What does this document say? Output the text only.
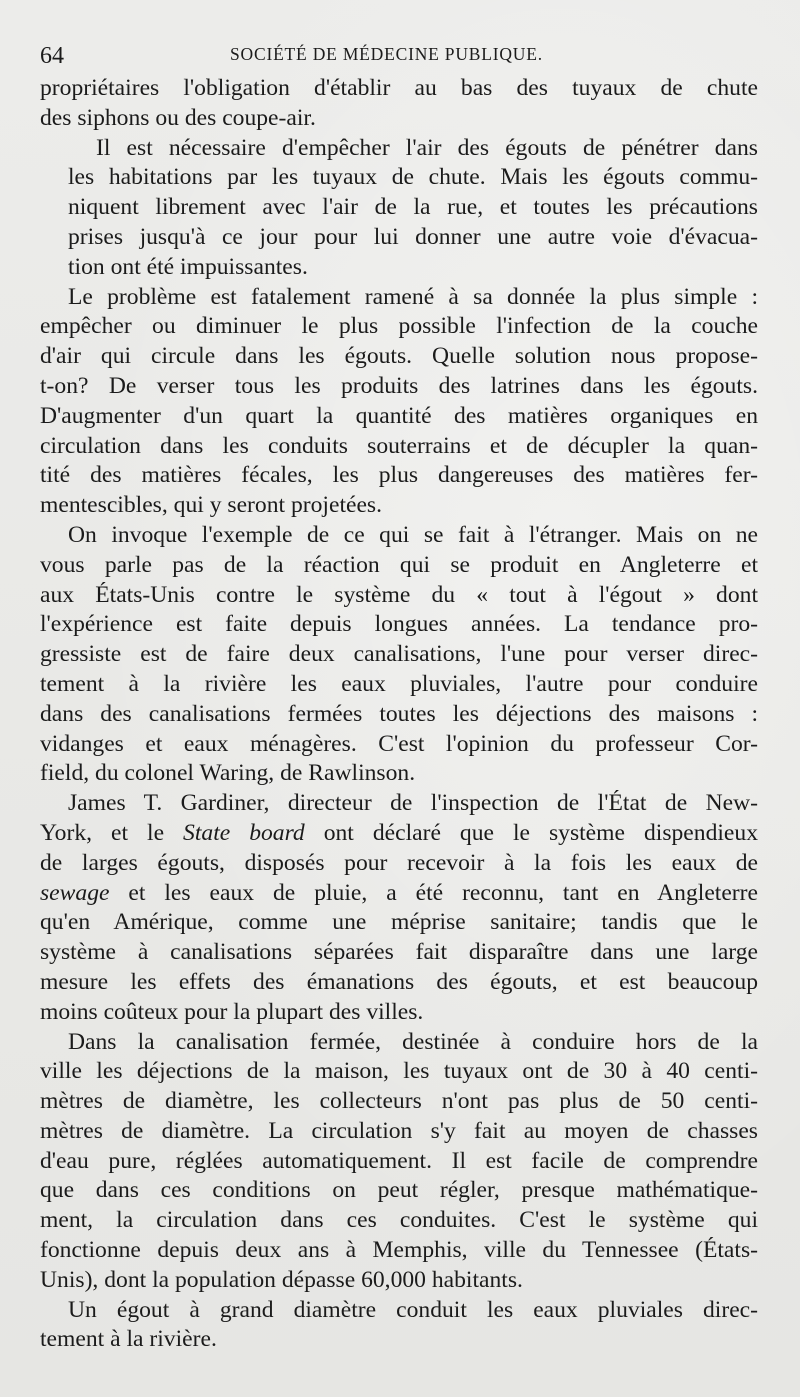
64	SOCIÉTÉ DE MÉDECINE PUBLIQUE.

propriétaires l'obligation d'établir au bas des tuyaux de chute
des siphons ou des coupe-air.

Il est nécessaire d'empêcher l'air des égouts de pénétrer dans
les habitations par les tuyaux de chute. Mais les égouts commu-
niquent librement avec l'air de la rue, et toutes les précautions
prises jusqu'à ce jour pour lui donner une autre voie d'évacua-
tion ont été impuissantes.

Le problème est fatalement ramené à sa donnée la plus simple :
empêcher ou diminuer le plus possible l'infection de la couche
d'air qui circule dans les égouts. Quelle solution nous propose-
t-on? De verser tous les produits des latrines dans les égouts.
D'augmenter d'un quart la quantité des matières organiques en
circulation dans les conduits souterrains et de décupler la quan-
tité des matières fécales, les plus dangereuses des matières fer-
mentescibles, qui y seront projetées.

On invoque l'exemple de ce qui se fait à l'étranger. Mais on ne
vous parle pas de la réaction qui se produit en Angleterre et
aux États-Unis contre le système du « tout à l'égout » dont
l'expérience est faite depuis longues années. La tendance pro-
gressiste est de faire deux canalisations, l'une pour verser direc-
tement à la rivière les eaux pluviales, l'autre pour conduire
dans des canalisations fermées toutes les déjections des maisons :
vidanges et eaux ménagères. C'est l'opinion du professeur Cor-
field, du colonel Waring, de Rawlinson.

James T. Gardiner, directeur de l'inspection de l'État de New-
York, et le State board ont déclaré que le système dispendieux
de larges égouts, disposés pour recevoir à la fois les eaux de
sewage et les eaux de pluie, a été reconnu, tant en Angleterre
qu'en Amérique, comme une méprise sanitaire; tandis que le
système à canalisations séparées fait disparaître dans une large
mesure les effets des émanations des égouts, et est beaucoup
moins coûteux pour la plupart des villes.

Dans la canalisation fermée, destinée à conduire hors de la
ville les déjections de la maison, les tuyaux ont de 30 à 40 centi-
mètres de diamètre, les collecteurs n'ont pas plus de 50 centi-
mètres de diamètre. La circulation s'y fait au moyen de chasses
d'eau pure, réglées automatiquement. Il est facile de comprendre
que dans ces conditions on peut régler, presque mathématique-
ment, la circulation dans ces conduites. C'est le système qui
fonctionne depuis deux ans à Memphis, ville du Tennessee (États-
Unis), dont la population dépasse 60,000 habitants.

Un égout à grand diamètre conduit les eaux pluviales direc-
tement à la rivière.
